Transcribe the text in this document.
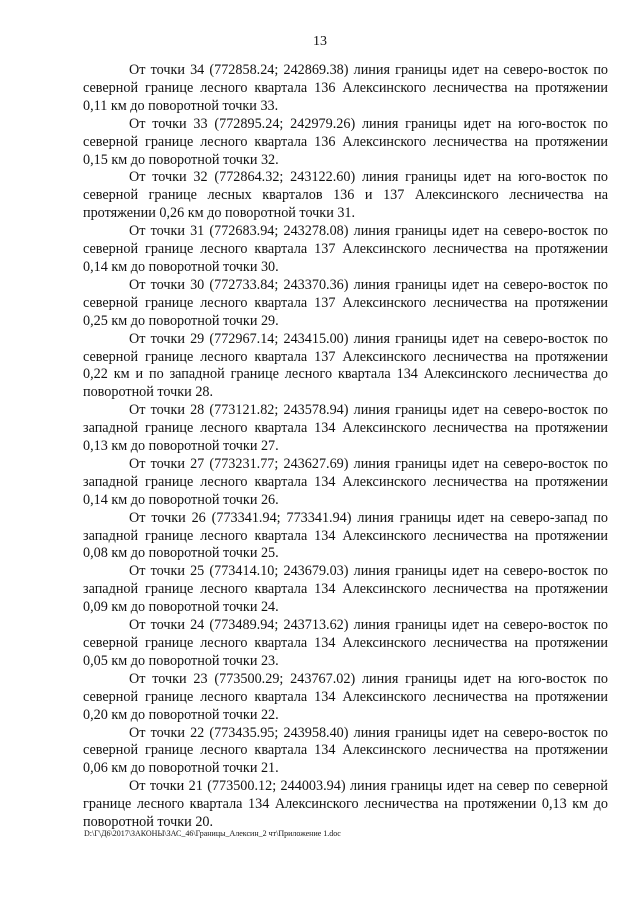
13

От точки 34 (772858.24; 242869.38) линия границы идет на северо-восток по северной границе лесного квартала 136 Алексинского лесничества на протяжении 0,11 км до поворотной точки 33.

От точки 33 (772895.24; 242979.26) линия границы идет на юго-восток по северной границе лесного квартала 136 Алексинского лесничества на протяжении 0,15 км до поворотной точки 32.

От точки 32 (772864.32; 243122.60) линия границы идет на юго-восток по северной границе лесных кварталов 136 и 137 Алексинского лесничества на протяжении 0,26 км до поворотной точки 31.

От точки 31 (772683.94; 243278.08) линия границы идет на северо-восток по северной границе лесного квартала 137 Алексинского лесничества на протяжении 0,14 км до поворотной точки 30.

От точки 30 (772733.84; 243370.36) линия границы идет на северо-восток по северной границе лесного квартала 137 Алексинского лесничества на протяжении 0,25 км до поворотной точки 29.

От точки 29 (772967.14; 243415.00) линия границы идет на северо-восток по северной границе лесного квартала 137 Алексинского лесничества на протяжении 0,22 км и по западной границе лесного квартала 134 Алексинского лесничества до поворотной точки 28.

От точки 28 (773121.82; 243578.94) линия границы идет на северо-восток по западной границе лесного квартала 134 Алексинского лесничества на протяжении 0,13 км до поворотной точки 27.

От точки 27 (773231.77; 243627.69) линия границы идет на северо-восток по западной границе лесного квартала 134 Алексинского лесничества на протяжении 0,14 км до поворотной точки 26.

От точки 26 (773341.94; 773341.94) линия границы идет на северо-запад по западной границе лесного квартала 134 Алексинского лесничества на протяжении 0,08 км до поворотной точки 25.

От точки 25 (773414.10; 243679.03) линия границы идет на северо-восток по западной границе лесного квартала 134 Алексинского лесничества на протяжении 0,09 км до поворотной точки 24.

От точки 24 (773489.94; 243713.62) линия границы идет на северо-восток по северной границе лесного квартала 134 Алексинского лесничества на протяжении 0,05 км до поворотной точки 23.

От точки 23 (773500.29; 243767.02) линия границы идет на юго-восток по северной границе лесного квартала 134 Алексинского лесничества на протяжении 0,20 км до поворотной точки 22.

От точки 22 (773435.95; 243958.40) линия границы идет на северо-восток по северной границе лесного квартала 134 Алексинского лесничества на протяжении 0,06 км до поворотной точки 21.

От точки 21 (773500.12; 244003.94) линия границы идет на север по северной границе лесного квартала 134 Алексинского лесничества на протяжении 0,13 км до поворотной точки 20.

D:\Г\Д6\2017\ЗАКОНЫ\ЗАС_46\Границы_Алексин_2 чт\Приложение 1.doc
